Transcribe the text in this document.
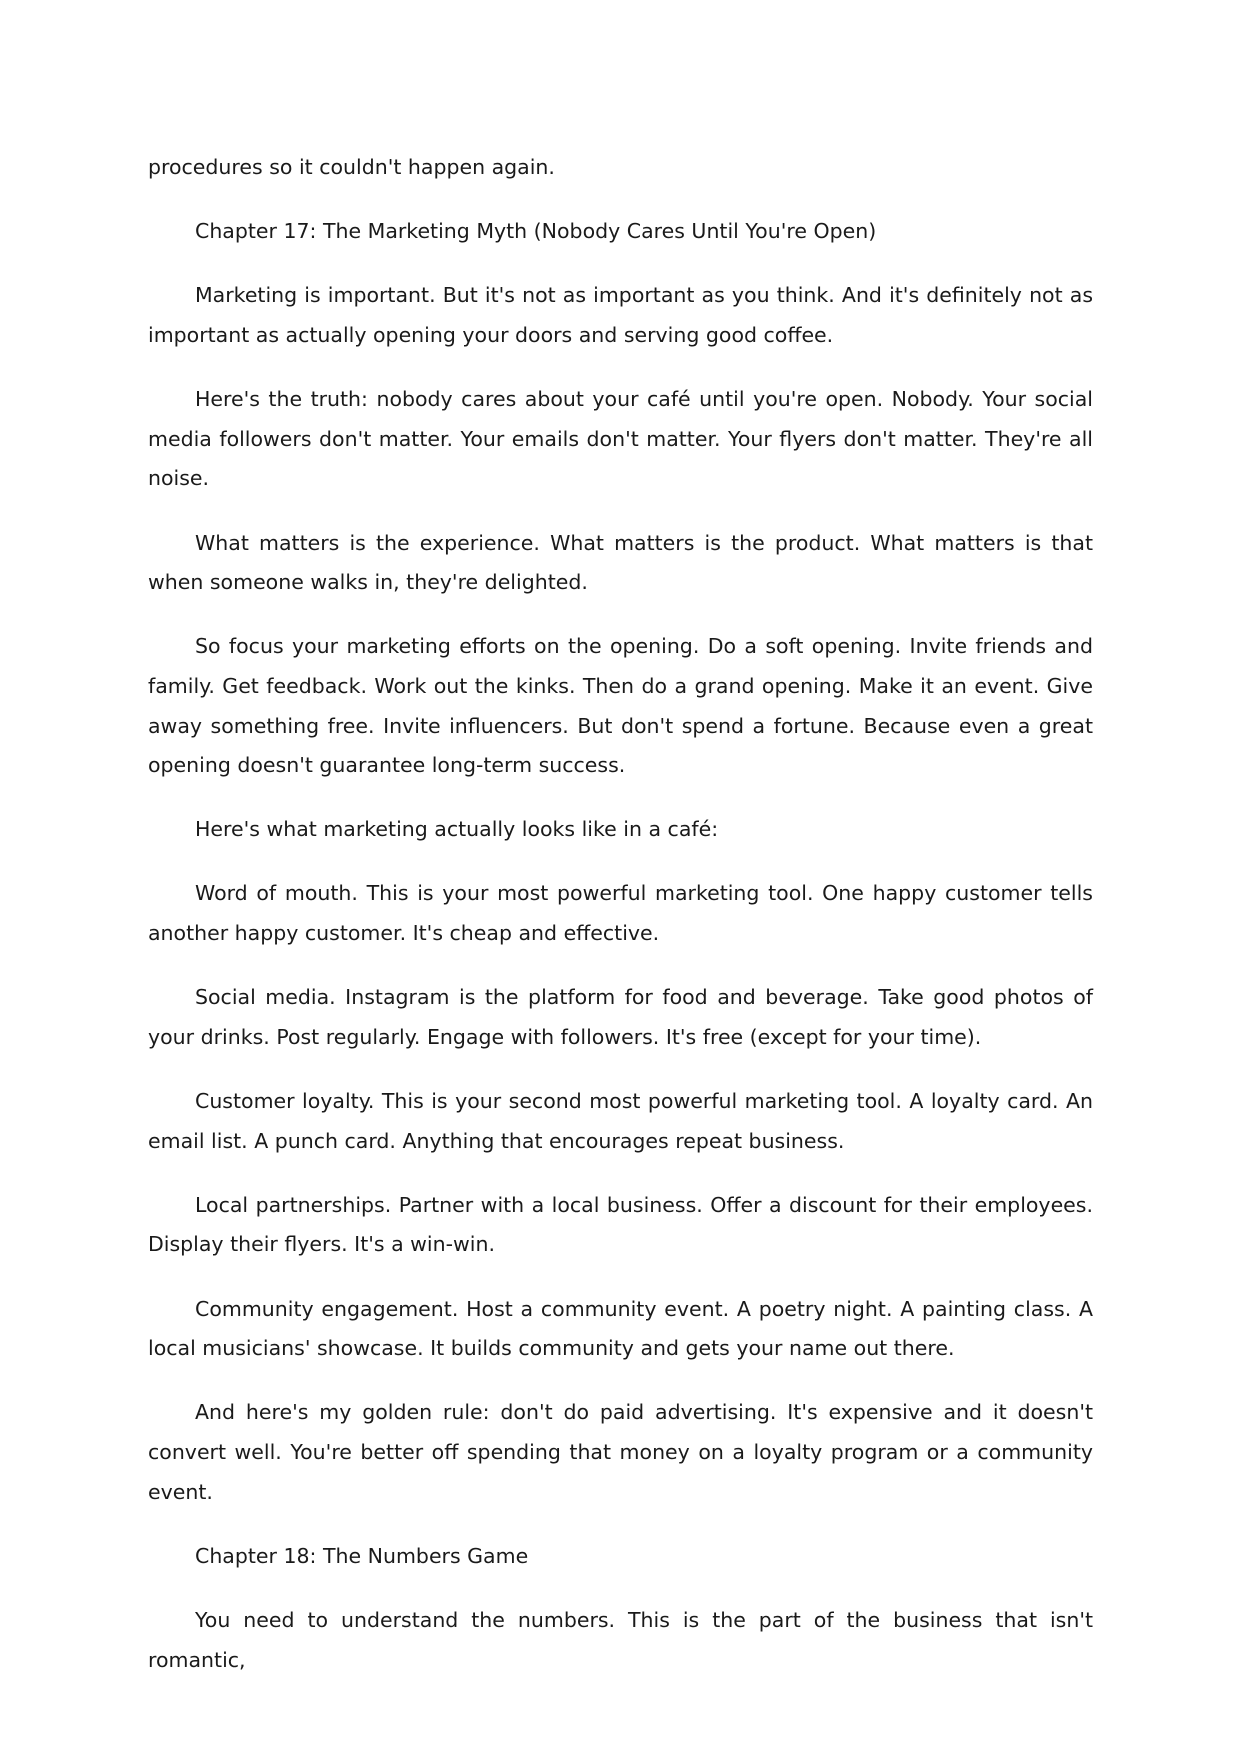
procedures so it couldn't happen again.

Chapter 17: The Marketing Myth (Nobody Cares Until You're Open)

Marketing is important. But it's not as important as you think. And it's definitely not as important as actually opening your doors and serving good coffee.

Here's the truth: nobody cares about your café until you're open. Nobody. Your social media followers don't matter. Your emails don't matter. Your flyers don't matter. They're all noise.

What matters is the experience. What matters is the product. What matters is that when someone walks in, they're delighted.

So focus your marketing efforts on the opening. Do a soft opening. Invite friends and family. Get feedback. Work out the kinks. Then do a grand opening. Make it an event. Give away something free. Invite influencers. But don't spend a fortune. Because even a great opening doesn't guarantee long-term success.

Here's what marketing actually looks like in a café:

Word of mouth. This is your most powerful marketing tool. One happy customer tells another happy customer. It's cheap and effective.

Social media. Instagram is the platform for food and beverage. Take good photos of your drinks. Post regularly. Engage with followers. It's free (except for your time).

Customer loyalty. This is your second most powerful marketing tool. A loyalty card. An email list. A punch card. Anything that encourages repeat business.

Local partnerships. Partner with a local business. Offer a discount for their employees. Display their flyers. It's a win-win.

Community engagement. Host a community event. A poetry night. A painting class. A local musicians' showcase. It builds community and gets your name out there.

And here's my golden rule: don't do paid advertising. It's expensive and it doesn't convert well. You're better off spending that money on a loyalty program or a community event.

Chapter 18: The Numbers Game

You need to understand the numbers. This is the part of the business that isn't romantic,
